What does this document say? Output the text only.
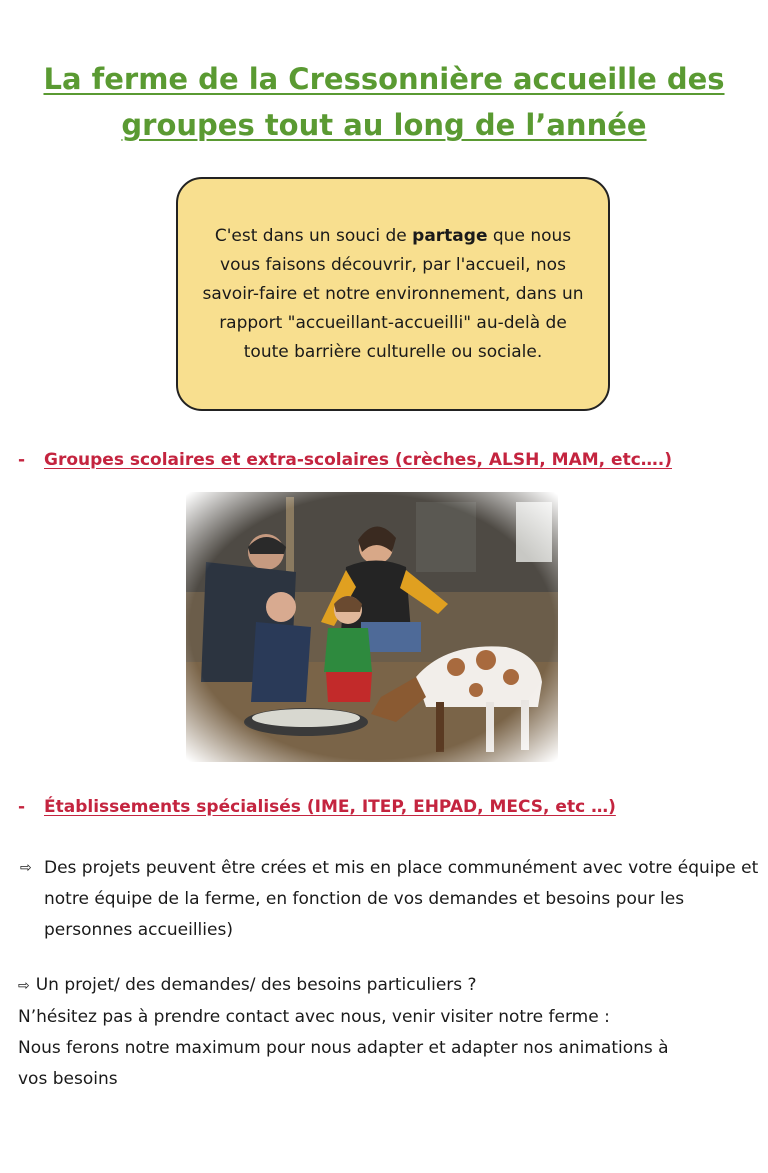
La ferme de la Cressonnière accueille des
groupes tout au long de l’année
C'est dans un souci de partage que nous vous faisons découvrir, par l'accueil, nos savoir-faire et notre environnement, dans un rapport "accueillant-accueilli" au-delà de toute barrière culturelle ou sociale.
- Groupes scolaires et extra-scolaires (crèches, ALSH, MAM, etc….)
- Établissements spécialisés (IME, ITEP, EHPAD, MECS, etc …)
⇨ Des projets peuvent être crées et mis en place communément avec votre équipe et notre équipe de la ferme, en fonction de vos demandes et besoins pour les personnes accueillies)
⇨ Un projet/ des demandes/ des besoins particuliers ?
N’hésitez pas à prendre contact avec nous, venir visiter notre ferme :
Nous ferons notre maximum pour nous adapter et adapter nos animations à
vos besoins
